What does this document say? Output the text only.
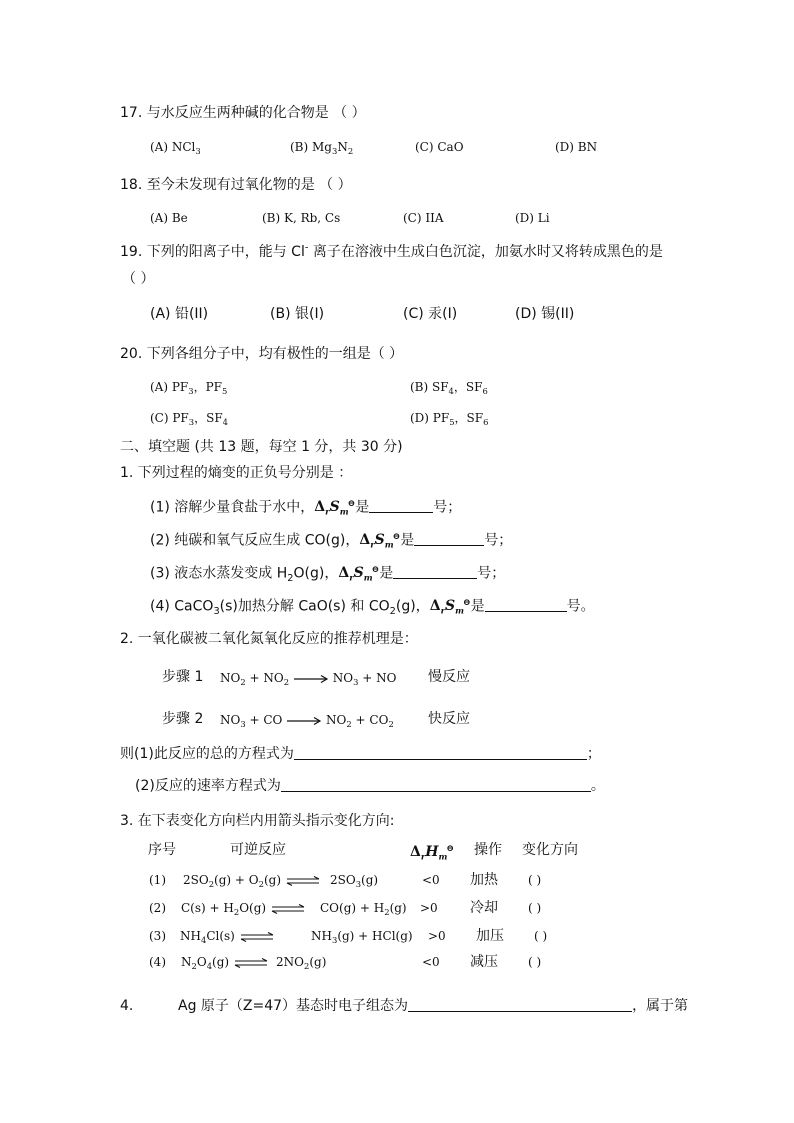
17. 与水反应生两种碱的化合物是 （ ）
(A) NCl$_3$	(B) $Mg_3N_2$	(C) CaO	(D) BN
18. 至今未发现有过氧化物的是 （ ）
(A) Be	(B) K, Rb, Cs	(C) IIA	(D) Li
19. 下列的阳离子中，能与 Cl- 离子在溶液中生成白色沉淀，加氨水时又将转成黑色的是
（ ）
(A) 铅(II)	(B) 银(I)	(C) 汞(I)	(D) 锡(II)
20. 下列各组分子中，均有极性的一组是（ ）
(A) $PF_3$，$PF_5$	(B) $SF_4$，$SF_6$
(C) $PF_3$，$SF_4$	(D) $PF_5$，$SF_6$
二、填空题 (共 13 题，每空 1 分，共 30 分)
1. 下列过程的熵变的正负号分别是 ：
(1) 溶解少量食盐于水中，$\Delta_rS_m^⊖$是	号；
(2) 纯碳和氧气反应生成 CO(g)，$\Delta_rS_m^⊖$是	号；
(3) 液态水蒸发变成 $H_2O(g)$，$\Delta_rS_m^⊖$是	号；
(4) CaCO$_3$(s)加热分解 CaO(s) 和 $CO_2(g)$，$\Delta_rS_m^⊖$是	号。
2. 一氧化碳被二氧化氮氧化反应的推荐机理是：
步骤 1 $NO_2 + NO_2$	$NO_3$ + NO 慢反应
步骤 2 $NO_3$ + CO	$NO_2 + CO_2$ 快反应
则(1)此反应的总的方程式为	；
(2)反应的速率方程式为	。
3. 在下表变化方向栏内用箭头指示变化方向:
序号	可逆反应	$\Delta_rH_m^⊖$ 操作 变化方向
(1) $2SO_2(g) + O_2(g)$ ⇌ $2SO_3(g)$	<0 加热	( )
(2) $C(s) + H_2O(g)$ ⇌ $CO(g) + H_2(g) >0$ 冷却	( )
(3) $NH_4Cl(s)$ ⇌	$NH_3(g) + HCl(g) >0$ 加压	( )
(4) $N_2O_4(g)$ ⇌ $2NO_2(g)$	<0 减压	( )
4.	Ag 原子（Z=47）基态时电子组态为	，属于第
